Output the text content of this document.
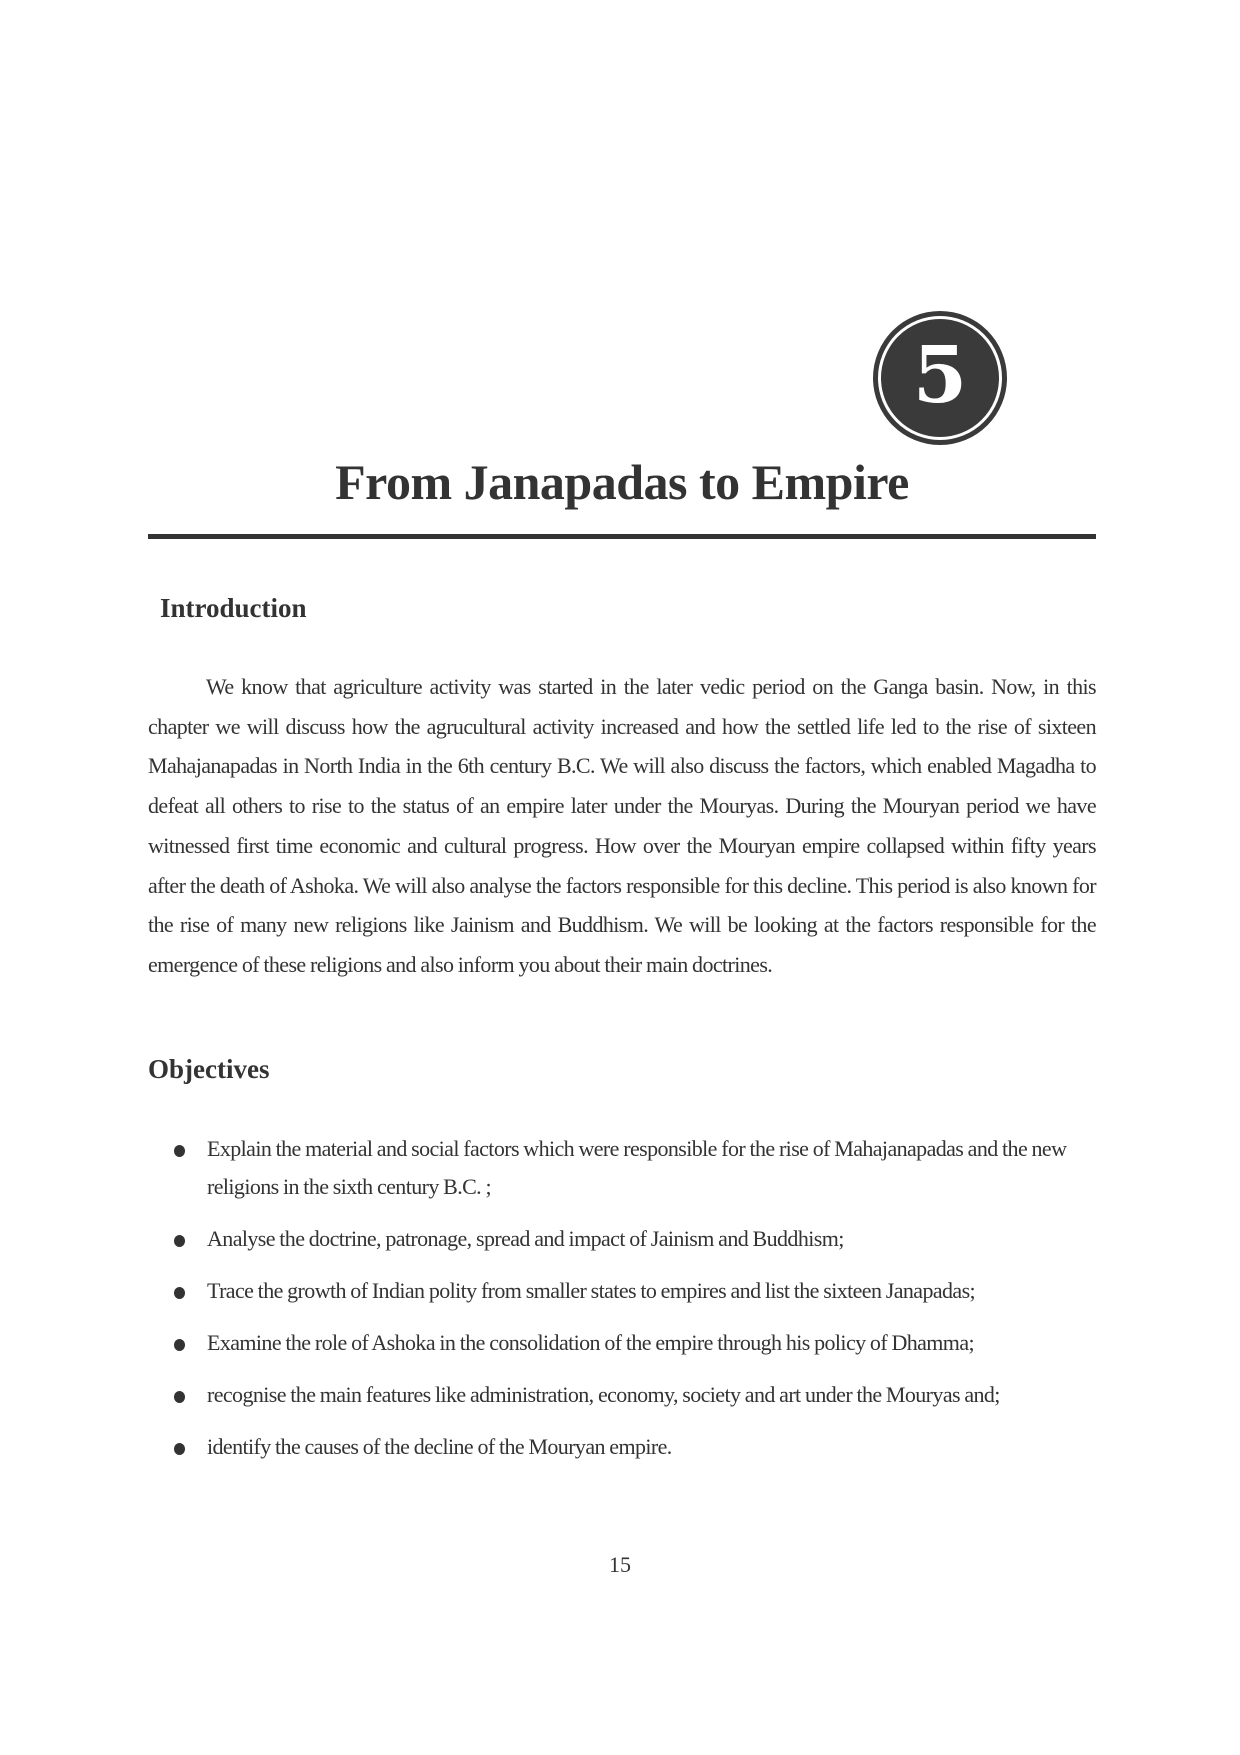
5
From Janapadas to Empire
Introduction

We know that agriculture activity was started in the later vedic period on the Ganga basin. Now, in this chapter we will discuss how the agrucultural activity increased and how the settled life led to the rise of sixteen Mahajanapadas in North India in the 6th century B.C. We will also discuss the factors, which enabled Magadha to defeat all others to rise to the status of an empire later under the Mouryas. During the Mouryan period we have witnessed first time economic and cultural progress. How over the Mouryan empire collapsed within fifty years after the death of Ashoka. We will also analyse the factors responsible for this decline. This period is also known for the rise of many new religions like Jainism and Buddhism. We will be looking at the factors responsible for the emergence of these religions and also inform you about their main doctrines.

Objectives
Explain the material and social factors which were responsible for the rise of Mahajanapadas and the new religions in the sixth century B.C. ;
Analyse the doctrine, patronage, spread and impact of Jainism and Buddhism;
Trace the growth of Indian polity from smaller states to empires and list the sixteen Janapadas;
Examine the role of Ashoka in the consolidation of the empire through his policy of Dhamma;
recognise the main features like administration, economy, society and art under the Mouryas and;
identify the causes of the decline of the Mouryan empire.
15
